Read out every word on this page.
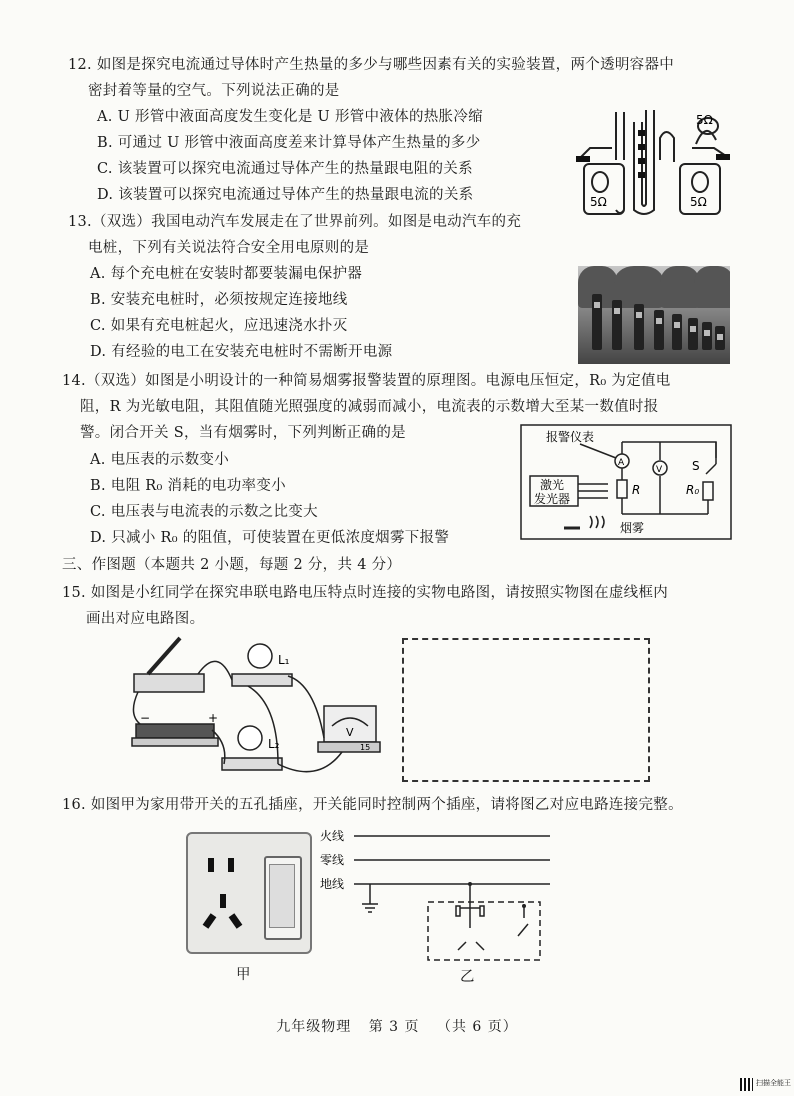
12. 如图是探究电流通过导体时产生热量的多少与哪些因素有关的实验装置，两个透明容器中
密封着等量的空气。下列说法正确的是
A. U 形管中液面高度发生变化是 U 形管中液体的热胀冷缩
B. 可通过 U 形管中液面高度差来计算导体产生热量的多少
C. 该装置可以探究电流通过导体产生的热量跟电阻的关系
D. 该装置可以探究电流通过导体产生的热量跟电流的关系	5Ω	5Ω
5Ω
13.（双选）我国电动汽车发展走在了世界前列。如图是电动汽车的充
电桩，下列有关说法符合安全用电原则的是
A. 每个充电桩在安装时都要装漏电保护器
B. 安装充电桩时，必须按规定连接地线
C. 如果有充电桩起火，应迅速浇水扑灭
D. 有经验的电工在安装充电桩时不需断开电源
14.（双选）如图是小明设计的一种简易烟雾报警装置的原理图。电源电压恒定，R₀ 为定值电
阻，R 为光敏电阻，其阻值随光照强度的减弱而减小，电流表的示数增大至某一数值时报
警。闭合开关 S，当有烟雾时，下列判断正确的是
A. 电压表的示数变小
B. 电阻 R₀ 消耗的电功率变小
C. 电压表与电流表的示数之比变大
D. 只减小 R₀ 的阻值，可使装置在更低浓度烟雾下报警
报警仪表
A
V S
激光
发光器
R	R₀
烟雾
三、作图题（本题共 2 小题，每题 2 分，共 4 分）
15. 如图是小红同学在探究串联电路电压特点时连接的实物电路图，请按照实物图在虚线框内
画出对应电路图。
L₁
L₂
V
−	+
15
16. 如图甲为家用带开关的五孔插座，开关能同时控制两个插座，请将图乙对应电路连接完整。
火线
零线
地线
甲	乙
九年级物理 第 3 页 （共 6 页）
扫描全能王
